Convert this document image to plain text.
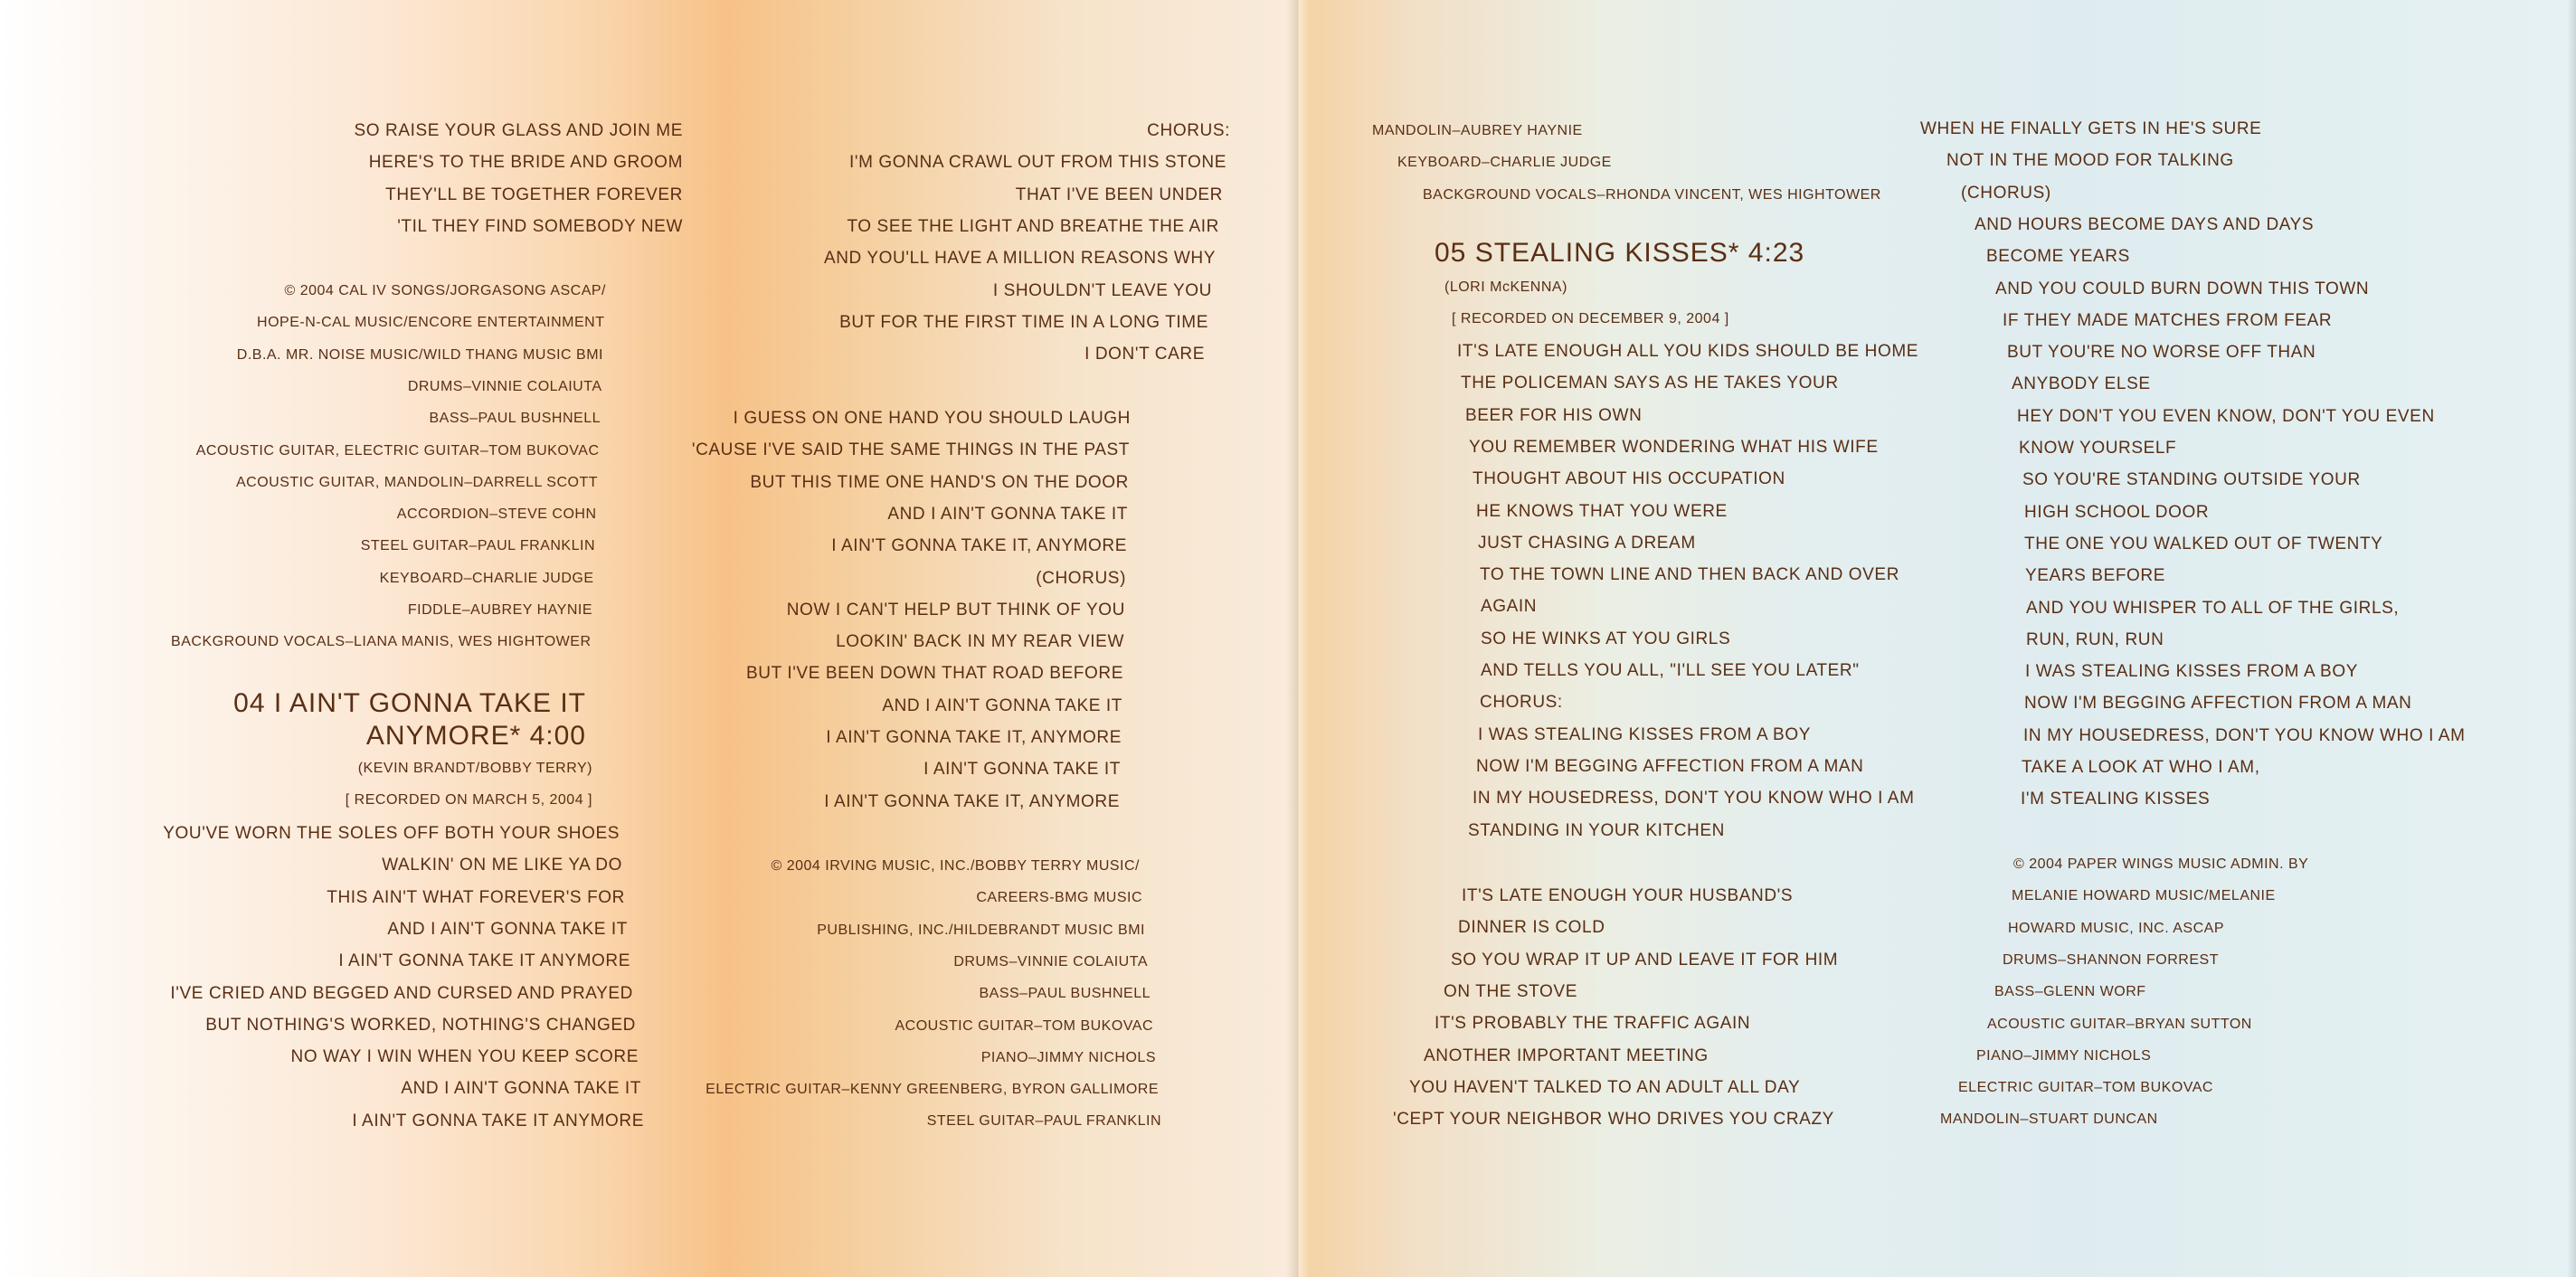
SO RAISE YOUR GLASS AND JOIN ME
HERE'S TO THE BRIDE AND GROOM
THEY'LL BE TOGETHER FOREVER
'TIL THEY FIND SOMEBODY NEW
© 2004 CAL IV SONGS/JORGASONG ASCAP/
HOPE-N-CAL MUSIC/ENCORE ENTERTAINMENT
D.B.A. MR. NOISE MUSIC/WILD THANG MUSIC BMI
DRUMS–VINNIE COLAIUTA
BASS–PAUL BUSHNELL
ACOUSTIC GUITAR, ELECTRIC GUITAR–TOM BUKOVAC
ACOUSTIC GUITAR, MANDOLIN–DARRELL SCOTT
ACCORDION–STEVE COHN
STEEL GUITAR–PAUL FRANKLIN
KEYBOARD–CHARLIE JUDGE
FIDDLE–AUBREY HAYNIE
BACKGROUND VOCALS–LIANA MANIS, WES HIGHTOWER
04 I AIN'T GONNA TAKE IT
ANYMORE* 4:00
(KEVIN BRANDT/BOBBY TERRY)
[ RECORDED ON MARCH 5, 2004 ]
YOU'VE WORN THE SOLES OFF BOTH YOUR SHOES
WALKIN' ON ME LIKE YA DO
THIS AIN'T WHAT FOREVER'S FOR
AND I AIN'T GONNA TAKE IT
I AIN'T GONNA TAKE IT ANYMORE
I'VE CRIED AND BEGGED AND CURSED AND PRAYED
BUT NOTHING'S WORKED, NOTHING'S CHANGED
NO WAY I WIN WHEN YOU KEEP SCORE
AND I AIN'T GONNA TAKE IT
I AIN'T GONNA TAKE IT ANYMORE
CHORUS:
I'M GONNA CRAWL OUT FROM THIS STONE
THAT I'VE BEEN UNDER
TO SEE THE LIGHT AND BREATHE THE AIR
AND YOU'LL HAVE A MILLION REASONS WHY
I SHOULDN'T LEAVE YOU
BUT FOR THE FIRST TIME IN A LONG TIME
I DON'T CARE
I GUESS ON ONE HAND YOU SHOULD LAUGH
'CAUSE I'VE SAID THE SAME THINGS IN THE PAST
BUT THIS TIME ONE HAND'S ON THE DOOR
AND I AIN'T GONNA TAKE IT
I AIN'T GONNA TAKE IT, ANYMORE
(CHORUS)
NOW I CAN'T HELP BUT THINK OF YOU
LOOKIN' BACK IN MY REAR VIEW
BUT I'VE BEEN DOWN THAT ROAD BEFORE
AND I AIN'T GONNA TAKE IT
I AIN'T GONNA TAKE IT, ANYMORE
I AIN'T GONNA TAKE IT
I AIN'T GONNA TAKE IT, ANYMORE
© 2004 IRVING MUSIC, INC./BOBBY TERRY MUSIC/
CAREERS-BMG MUSIC
PUBLISHING, INC./HILDEBRANDT MUSIC BMI
DRUMS–VINNIE COLAIUTA
BASS–PAUL BUSHNELL
ACOUSTIC GUITAR–TOM BUKOVAC
PIANO–JIMMY NICHOLS
ELECTRIC GUITAR–KENNY GREENBERG, BYRON GALLIMORE
STEEL GUITAR–PAUL FRANKLIN
MANDOLIN–AUBREY HAYNIE
KEYBOARD–CHARLIE JUDGE
BACKGROUND VOCALS–RHONDA VINCENT, WES HIGHTOWER
05 STEALING KISSES* 4:23
(LORI McKENNA)
[ RECORDED ON DECEMBER 9, 2004 ]
IT'S LATE ENOUGH ALL YOU KIDS SHOULD BE HOME
THE POLICEMAN SAYS AS HE TAKES YOUR
BEER FOR HIS OWN
YOU REMEMBER WONDERING WHAT HIS WIFE
THOUGHT ABOUT HIS OCCUPATION
HE KNOWS THAT YOU WERE
JUST CHASING A DREAM
TO THE TOWN LINE AND THEN BACK AND OVER
AGAIN
SO HE WINKS AT YOU GIRLS
AND TELLS YOU ALL, "I'LL SEE YOU LATER"
CHORUS:
I WAS STEALING KISSES FROM A BOY
NOW I'M BEGGING AFFECTION FROM A MAN
IN MY HOUSEDRESS, DON'T YOU KNOW WHO I AM
STANDING IN YOUR KITCHEN
IT'S LATE ENOUGH YOUR HUSBAND'S
DINNER IS COLD
SO YOU WRAP IT UP AND LEAVE IT FOR HIM
ON THE STOVE
IT'S PROBABLY THE TRAFFIC AGAIN
ANOTHER IMPORTANT MEETING
YOU HAVEN'T TALKED TO AN ADULT ALL DAY
'CEPT YOUR NEIGHBOR WHO DRIVES YOU CRAZY
WHEN HE FINALLY GETS IN HE'S SURE
NOT IN THE MOOD FOR TALKING
(CHORUS)
AND HOURS BECOME DAYS AND DAYS
BECOME YEARS
AND YOU COULD BURN DOWN THIS TOWN
IF THEY MADE MATCHES FROM FEAR
BUT YOU'RE NO WORSE OFF THAN
ANYBODY ELSE
HEY DON'T YOU EVEN KNOW, DON'T YOU EVEN
KNOW YOURSELF
SO YOU'RE STANDING OUTSIDE YOUR
HIGH SCHOOL DOOR
THE ONE YOU WALKED OUT OF TWENTY
YEARS BEFORE
AND YOU WHISPER TO ALL OF THE GIRLS,
RUN, RUN, RUN
I WAS STEALING KISSES FROM A BOY
NOW I'M BEGGING AFFECTION FROM A MAN
IN MY HOUSEDRESS, DON'T YOU KNOW WHO I AM
TAKE A LOOK AT WHO I AM,
I'M STEALING KISSES
© 2004 PAPER WINGS MUSIC ADMIN. BY
MELANIE HOWARD MUSIC/MELANIE
HOWARD MUSIC, INC. ASCAP
DRUMS–SHANNON FORREST
BASS–GLENN WORF
ACOUSTIC GUITAR–BRYAN SUTTON
PIANO–JIMMY NICHOLS
ELECTRIC GUITAR–TOM BUKOVAC
MANDOLIN–STUART DUNCAN
